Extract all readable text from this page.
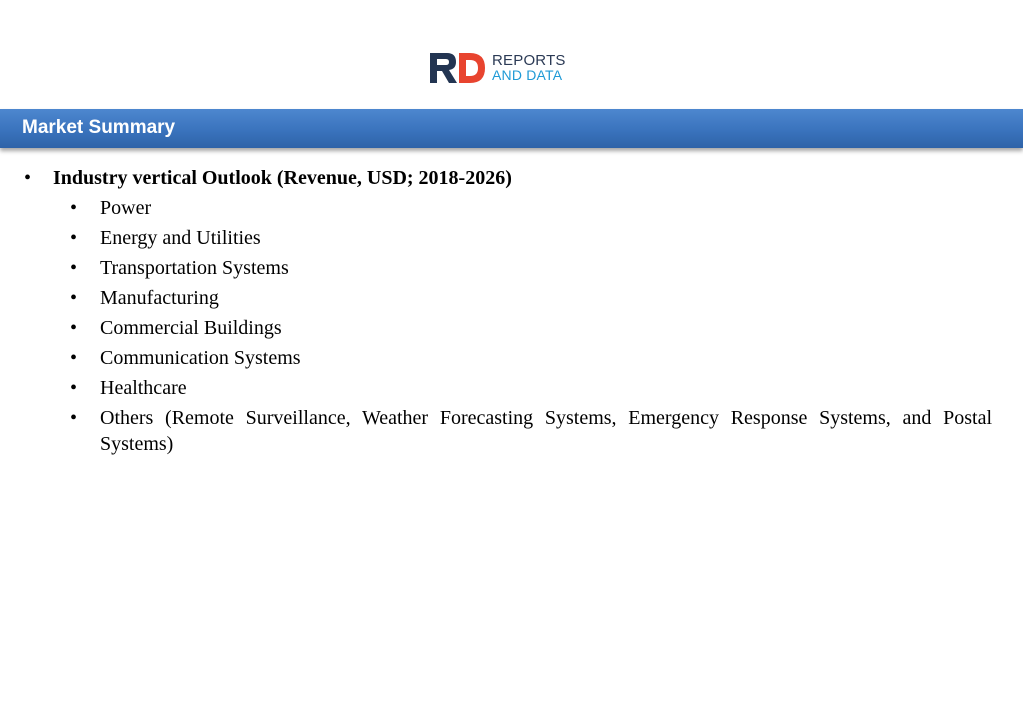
REPORTS
AND DATA
Market Summary
• Industry vertical Outlook (Revenue, USD; 2018-2026)
• Power
• Energy and Utilities
• Transportation Systems
• Manufacturing
• Commercial Buildings
• Communication Systems
• Healthcare
• Others (Remote Surveillance, Weather Forecasting Systems, Emergency Response Systems, and Postal Systems)
